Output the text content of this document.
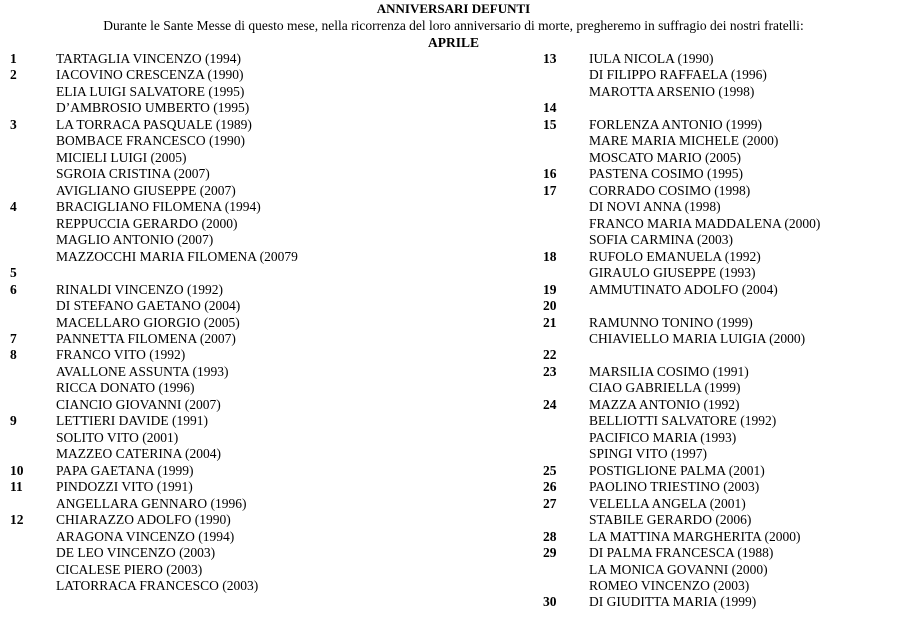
ANNIVERSARI DEFUNTI
Durante le Sante Messe di questo mese, nella ricorrenza del loro anniversario di morte, pregheremo in suffragio dei nostri fratelli:
APRILE
1	TARTAGLIA VINCENZO (1994)
2	IACOVINO CRESCENZA (1990)
ELIA LUIGI SALVATORE (1995)
D’AMBROSIO UMBERTO (1995)
3	LA TORRACA PASQUALE (1989)
BOMBACE FRANCESCO (1990)
MICIELI LUIGI (2005)
SGROIA CRISTINA (2007)
AVIGLIANO GIUSEPPE (2007)
4	BRACIGLIANO FILOMENA (1994)
REPPUCCIA GERARDO (2000)
MAGLIO ANTONIO (2007)
MAZZOCCHI MARIA FILOMENA (20079
5
6	RINALDI VINCENZO (1992)
DI STEFANO GAETANO (2004)
MACELLARO GIORGIO (2005)
7	PANNETTA FILOMENA (2007)
8	FRANCO VITO (1992)
AVALLONE ASSUNTA (1993)
RICCA DONATO (1996)
CIANCIO GIOVANNI (2007)
9	LETTIERI DAVIDE (1991)
SOLITO VITO (2001)
MAZZEO CATERINA (2004)
10 PAPA GAETANA (1999)
11 PINDOZZI VITO (1991)
ANGELLARA GENNARO (1996)
12 CHIARAZZO ADOLFO (1990)
ARAGONA VINCENZO (1994)
DE LEO VINCENZO (2003)
CICALESE PIERO (2003)
LATORRACA FRANCESCO (2003)
13 IULA NICOLA (1990)
DI FILIPPO RAFFAELA (1996)
MAROTTA ARSENIO (1998)
14
15 FORLENZA ANTONIO (1999)
MARE MARIA MICHELE (2000)
MOSCATO MARIO (2005)
16 PASTENA COSIMO (1995)
17 CORRADO COSIMO (1998)
DI NOVI ANNA (1998)
FRANCO MARIA MADDALENA (2000)
SOFIA CARMINA (2003)
18 RUFOLO EMANUELA (1992)
GIRAULO GIUSEPPE (1993)
19 AMMUTINATO ADOLFO (2004)
20
21 RAMUNNO TONINO (1999)
CHIAVIELLO MARIA LUIGIA (2000)
22
23 MARSILIA COSIMO (1991)
CIAO GABRIELLA (1999)
24 MAZZA ANTONIO (1992)
BELLIOTTI SALVATORE (1992)
PACIFICO MARIA (1993)
SPINGI VITO (1997)
25 POSTIGLIONE PALMA (2001)
26 PAOLINO TRIESTINO (2003)
27 VELELLA ANGELA (2001)
STABILE GERARDO (2006)
28 LA MATTINA MARGHERITA (2000)
29 DI PALMA FRANCESCA (1988)
LA MONICA GOVANNI (2000)
ROMEO VINCENZO (2003)
30 DI GIUDITTA MARIA (1999)
